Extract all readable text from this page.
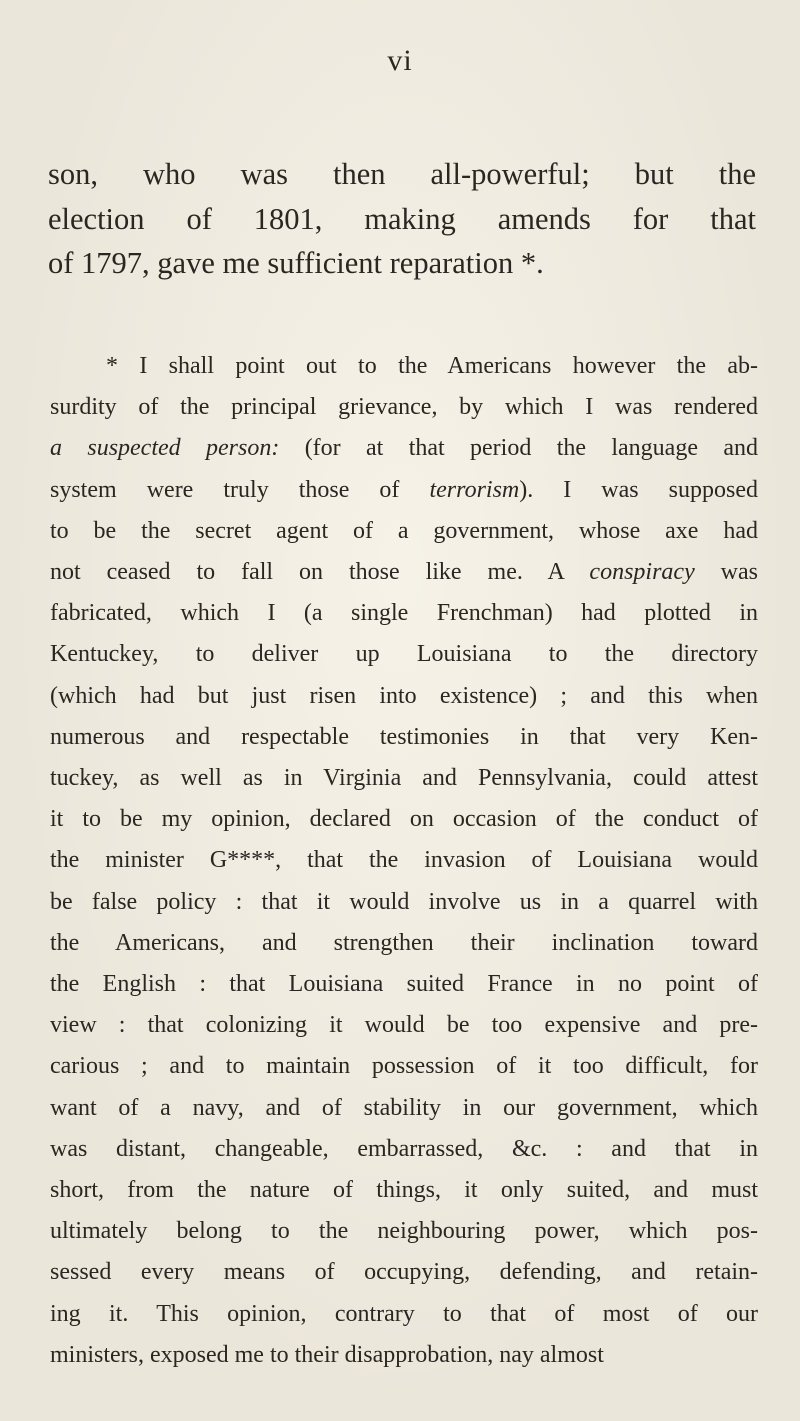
vi
son, who was then all-powerful; but the
election of 1801, making amends for that
of 1797, gave me sufficient reparation *.
* I shall point out to the Americans however the ab-
surdity of the principal grievance, by which I was rendered
a suspected person: (for at that period the language and
system were truly those of terrorism). I was supposed
to be the secret agent of a government, whose axe had
not ceased to fall on those like me. A conspiracy was
fabricated, which I (a single Frenchman) had plotted in
Kentuckey, to deliver up Louisiana to the directory
(which had but just risen into existence) ; and this when
numerous and respectable testimonies in that very Ken-
tuckey, as well as in Virginia and Pennsylvania, could attest
it to be my opinion, declared on occasion of the conduct of
the minister G****, that the invasion of Louisiana would
be false policy : that it would involve us in a quarrel with
the Americans, and strengthen their inclination toward
the English : that Louisiana suited France in no point of
view : that colonizing it would be too expensive and pre-
carious ; and to maintain possession of it too difficult, for
want of a navy, and of stability in our government, which
was distant, changeable, embarrassed, &c. : and that in
short, from the nature of things, it only suited, and must
ultimately belong to the neighbouring power, which pos-
sessed every means of occupying, defending, and retain-
ing it. This opinion, contrary to that of most of our
ministers, exposed me to their disapprobation, nay almost
